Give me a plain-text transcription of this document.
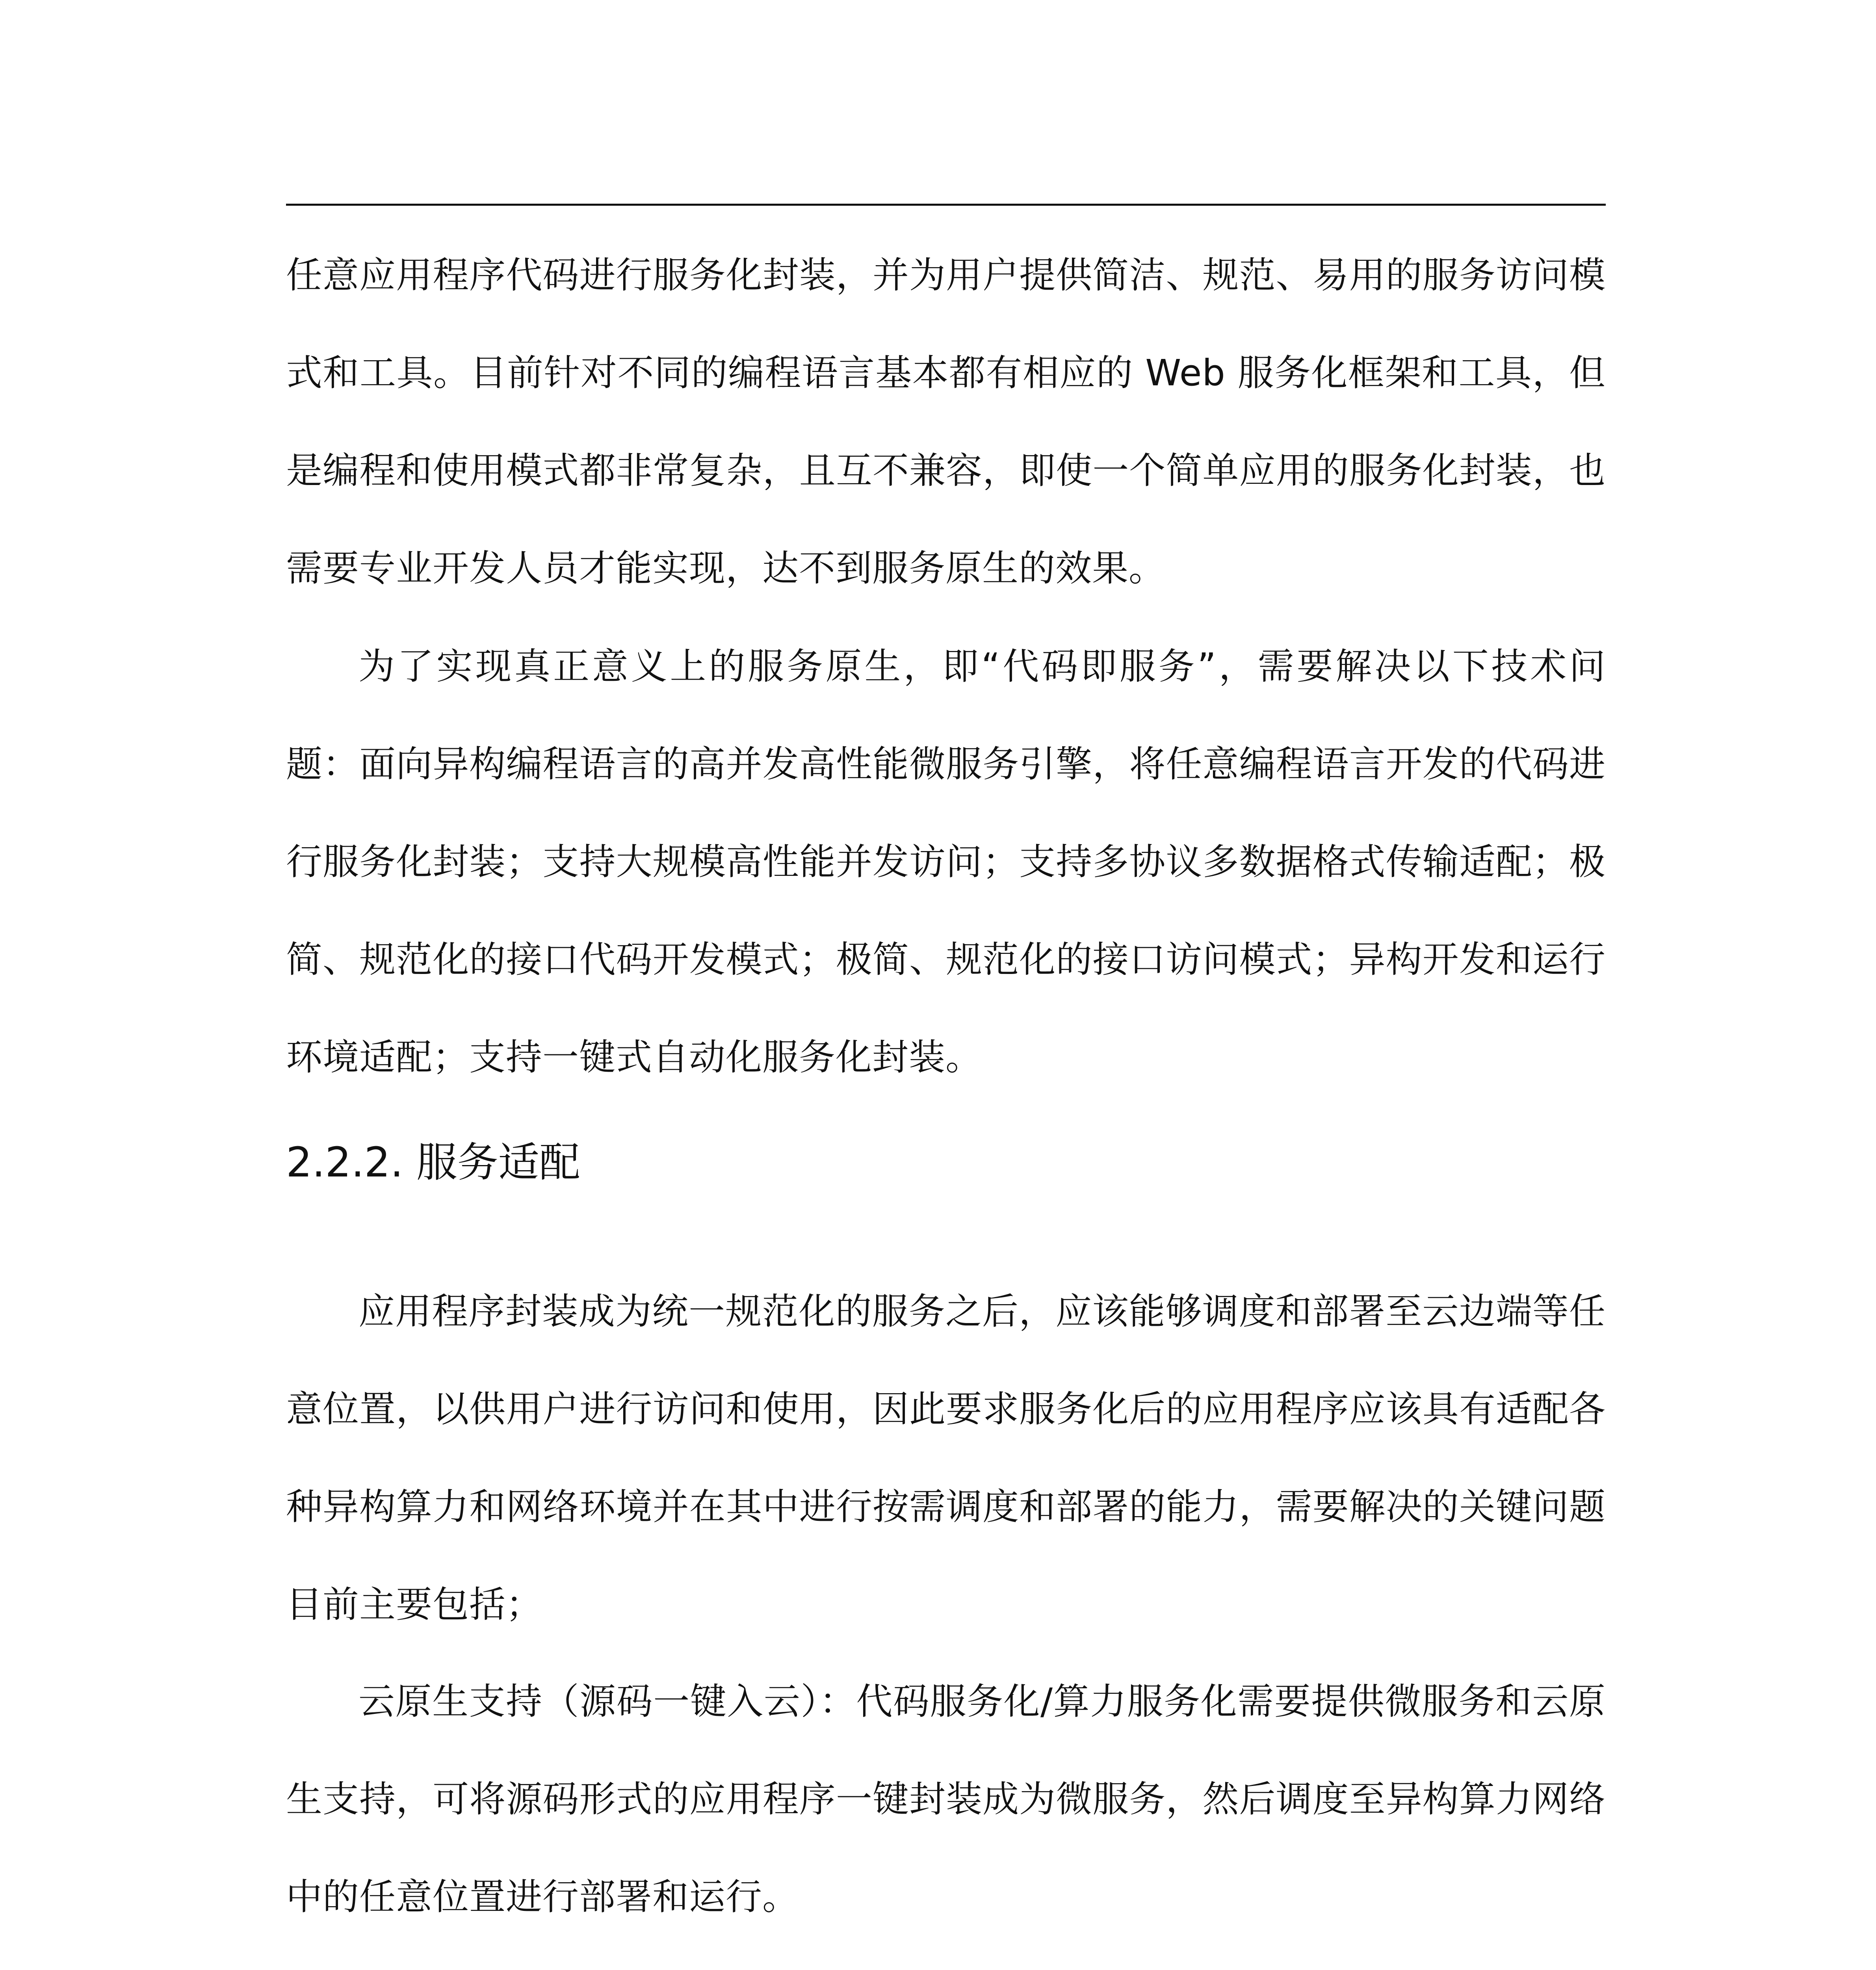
任意应用程序代码进行服务化封装，并为用户提供简洁、规范、易用的服务访问模式和工具。目前针对不同的编程语言基本都有相应的 Web 服务化框架和工具，但是编程和使用模式都非常复杂，且互不兼容，即使一个简单应用的服务化封装，也需要专业开发人员才能实现，达不到服务原生的效果。

为了实现真正意义上的服务原生，即“代码即服务”，需要解决以下技术问题：面向异构编程语言的高并发高性能微服务引擎，将任意编程语言开发的代码进行服务化封装；支持大规模高性能并发访问；支持多协议多数据格式传输适配；极简、规范化的接口代码开发模式；极简、规范化的接口访问模式；异构开发和运行环境适配；支持一键式自动化服务化封装。

2.2.2. 服务适配

应用程序封装成为统一规范化的服务之后，应该能够调度和部署至云边端等任意位置，以供用户进行访问和使用，因此要求服务化后的应用程序应该具有适配各种异构算力和网络环境并在其中进行按需调度和部署的能力，需要解决的关键问题目前主要包括；

云原生支持（源码一键入云）：代码服务化/算力服务化需要提供微服务和云原生支持，可将源码形式的应用程序一键封装成为微服务，然后调度至异构算力网络中的任意位置进行部署和运行。
